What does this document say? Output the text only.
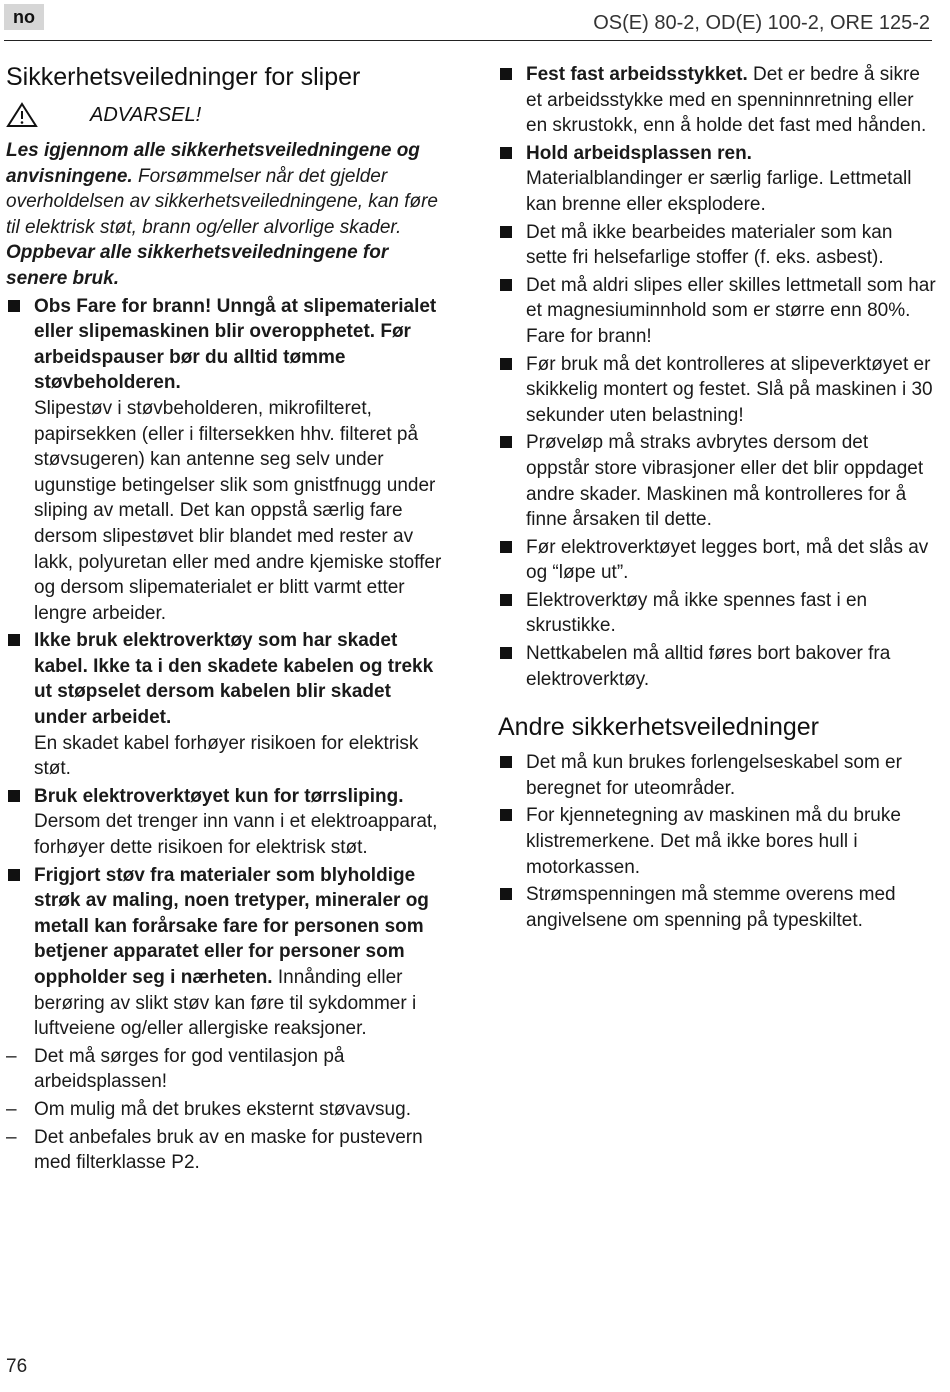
no	OS(E) 80-2, OD(E) 100-2, ORE 125-2
Sikkerhetsveiledninger for sliper
ADVARSEL!

Les igjennom alle sikkerhetsveiledningene og anvisningene. Forsømmelser når det gjelder overholdelsen av sikkerhetsveiledningene, kan føre til elektrisk støt, brann og/eller alvorlige skader. Oppbevar alle sikkerhetsveiledningene for senere bruk.

Obs Fare for brann! Unngå at slipematerialet eller slipemaskinen blir overopphetet. Før arbeidspauser bør du alltid tømme støvbeholderen.
Slipestøv i støvbeholderen, mikrofilteret, papirsekken (eller i filtersekken hhv. filteret på støvsugeren) kan antenne seg selv under ugunstige betingelser slik som gnistfnugg under sliping av metall. Det kan oppstå særlig fare dersom slipestøvet blir blandet med rester av lakk, polyuretan eller med andre kjemiske stoffer og dersom slipematerialet er blitt varmt etter lengre arbeider.
Ikke bruk elektroverktøy som har skadet kabel. Ikke ta i den skadete kabelen og trekk ut støpselet dersom kabelen blir skadet under arbeidet.
En skadet kabel forhøyer risikoen for elektrisk støt.
Bruk elektroverktøyet kun for tørrsliping.
Dersom det trenger inn vann i et elektroapparat, forhøyer dette risikoen for elektrisk støt.
Frigjort støv fra materialer som blyholdige strøk av maling, noen tretyper, mineraler og metall kan forårsake fare for personen som betjener apparatet eller for personer som oppholder seg i nærheten. Innånding eller berøring av slikt støv kan føre til sykdommer i luftveiene og/eller allergiske reaksjoner.
– Det må sørges for god ventilasjon på arbeidsplassen!
– Om mulig må det brukes eksternt støvavsug.
– Det anbefales bruk av en maske for pustevern med filterklasse P2.
Fest fast arbeidsstykket. Det er bedre å sikre et arbeidsstykke med en spenninnretning eller en skrustokk, enn å holde det fast med hånden.
Hold arbeidsplassen ren.
Materialblandinger er særlig farlige. Lettmetall kan brenne eller eksplodere.
Det må ikke bearbeides materialer som kan sette fri helsefarlige stoffer (f. eks. asbest).
Det må aldri slipes eller skilles lettmetall som har et magnesiuminnhold som er større enn 80%. Fare for brann!
Før bruk må det kontrolleres at slipeverktøyet er skikkelig montert og festet. Slå på maskinen i 30 sekunder uten belastning!
Prøveløp må straks avbrytes dersom det oppstår store vibrasjoner eller det blir oppdaget andre skader. Maskinen må kontrolleres for å finne årsaken til dette.
Før elektroverktøyet legges bort, må det slås av og “løpe ut”.
Elektroverktøy må ikke spennes fast i en skrustikke.
Nettkabelen må alltid føres bort bakover fra elektroverktøy.
Andre sikkerhetsveiledninger
Det må kun brukes forlengelseskabel som er beregnet for uteområder.
For kjennetegning av maskinen må du bruke klistremerkene. Det må ikke bores hull i motorkassen.
Strømspenningen må stemme overens med angivelsene om spenning på typeskiltet.
76
